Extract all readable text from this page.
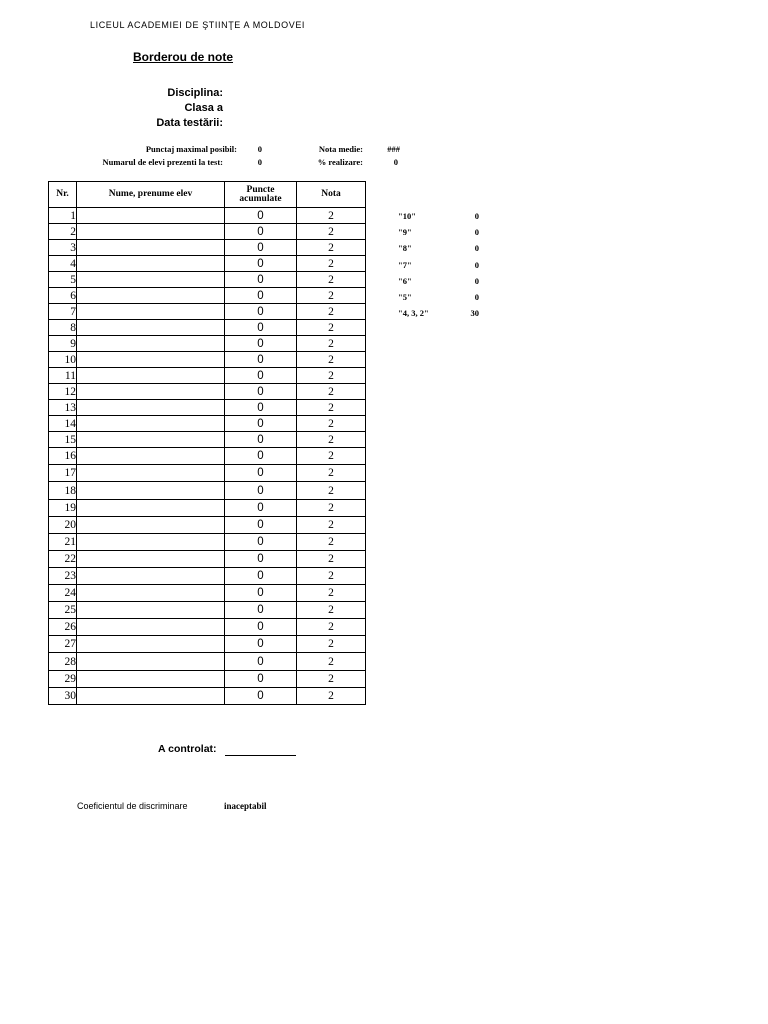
LICEUL ACADEMIEI DE ŞTIINŢE A MOLDOVEI
Borderou de note
Disciplina:
Clasa a
Data testării:
Punctaj maximal posibil:	0
Numarul de elevi prezenti la test:	0
Nota medie:	###
% realizare:	0
Nr.	Nume, prenume elev	Puncte acumulate	Nota
1		0	2
2		0	2
3		0	2
4		0	2
5		0	2
6		0	2
7		0	2
8		0	2
9		0	2
10		0	2
11		0	2
12		0	2
13		0	2
14		0	2
15		0	2
16		0	2
17		0	2
18		0	2
19		0	2
20		0	2
21		0	2
22		0	2
23		0	2
24		0	2
25		0	2
26		0	2
27		0	2
28		0	2
29		0	2
30		0	2
"10"	0
"9"	0
"8"	0
"7"	0
"6"	0
"5"	0
"4, 3, 2"	30
A controlat:
Coeficientul de discriminare	inaceptabil
